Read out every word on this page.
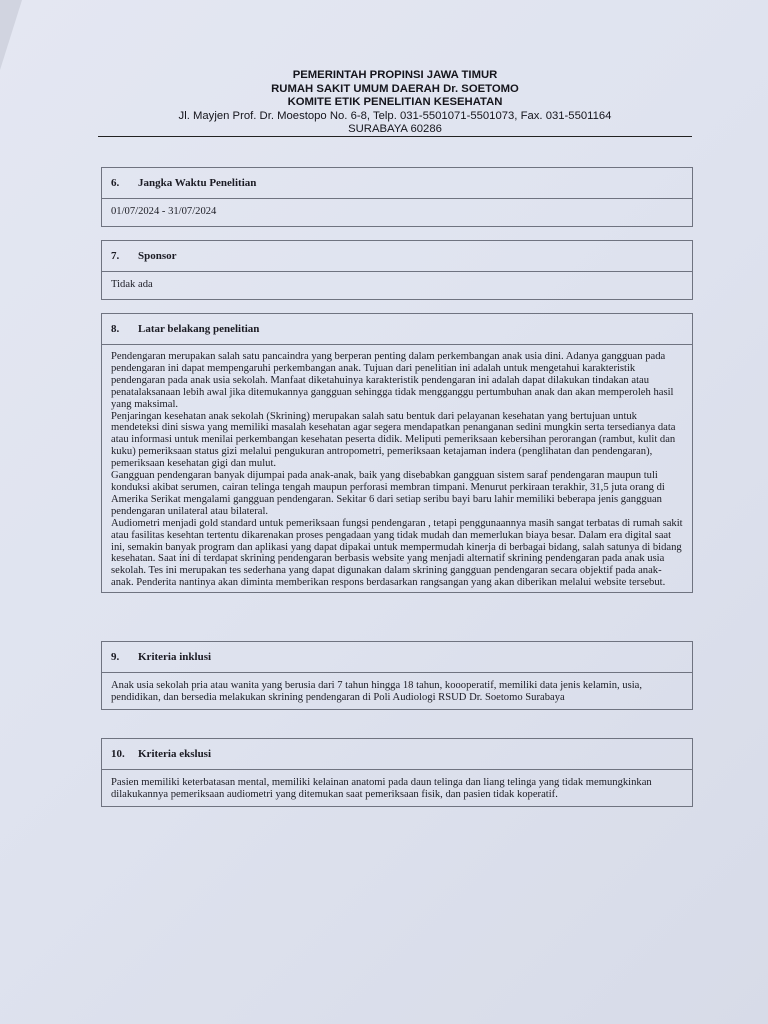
PEMERINTAH PROPINSI JAWA TIMUR
RUMAH SAKIT UMUM DAERAH Dr. SOETOMO
KOMITE ETIK PENELITIAN KESEHATAN
Jl. Mayjen Prof. Dr. Moestopo No. 6-8, Telp. 031-5501071-5501073, Fax. 031-5501164
SURABAYA 60286
6.	Jangka Waktu Penelitian
01/07/2024 - 31/07/2024
7.	Sponsor
Tidak ada
8.	Latar belakang penelitian
Pendengaran merupakan salah satu pancaindra yang berperan penting dalam perkembangan anak usia dini. Adanya gangguan pada pendengaran ini dapat mempengaruhi perkembangan anak. Tujuan dari penelitian ini adalah untuk mengetahui karakteristik pendengaran pada anak usia sekolah. Manfaat diketahuinya karakteristik pendengaran ini adalah dapat dilakukan tindakan atau penatalaksanaan lebih awal jika ditemukannya gangguan sehingga tidak mengganggu pertumbuhan anak dan akan memperoleh hasil yang maksimal.
Penjaringan kesehatan anak sekolah (Skrining) merupakan salah satu bentuk dari pelayanan kesehatan yang bertujuan untuk mendeteksi dini siswa yang memiliki masalah kesehatan agar segera mendapatkan penanganan sedini mungkin serta tersedianya data atau informasi untuk menilai perkembangan kesehatan peserta didik. Meliputi pemeriksaan kebersihan perorangan (rambut, kulit dan kuku) pemeriksaan status gizi melalui pengukuran antropometri, pemeriksaan ketajaman indera (penglihatan dan pendengaran), pemeriksaan kesehatan gigi dan mulut.
Gangguan pendengaran banyak dijumpai pada anak-anak, baik yang disebabkan gangguan sistem saraf pendengaran maupun tuli konduksi akibat serumen, cairan telinga tengah maupun perforasi membran timpani. Menurut perkiraan terakhir, 31,5 juta orang di Amerika Serikat mengalami gangguan pendengaran. Sekitar 6 dari setiap seribu bayi baru lahir memiliki beberapa jenis gangguan pendengaran unilateral atau bilateral.
Audiometri menjadi gold standard untuk pemeriksaan fungsi pendengaran , tetapi penggunaannya masih sangat terbatas di rumah sakit atau fasilitas kesehtan tertentu dikarenakan proses pengadaan yang tidak mudah dan memerlukan biaya besar. Dalam era digital saat ini, semakin banyak program dan aplikasi yang dapat dipakai untuk mempermudah kinerja di berbagai bidang, salah satunya di bidang kesehatan. Saat ini di terdapat skrining pendengaran berbasis website yang menjadi alternatif skrining pendengaran pada anak usia sekolah. Tes ini merupakan tes sederhana yang dapat digunakan dalam skrining gangguan pendengaran secara objektif pada anak-anak. Penderita nantinya akan diminta memberikan respons berdasarkan rangsangan yang akan diberikan melalui website tersebut.
9.	Kriteria inklusi
Anak usia sekolah pria atau wanita yang berusia dari 7 tahun hingga 18 tahun, koooperatif, memiliki data jenis kelamin, usia, pendidikan, dan bersedia melakukan skrining pendengaran di Poli Audiologi RSUD Dr. Soetomo Surabaya
10.	Kriteria ekslusi
Pasien memiliki keterbatasan mental, memiliki kelainan anatomi pada daun telinga dan liang telinga yang tidak memungkinkan dilakukannya pemeriksaan audiometri yang ditemukan saat pemeriksaan fisik, dan pasien tidak koperatif.
